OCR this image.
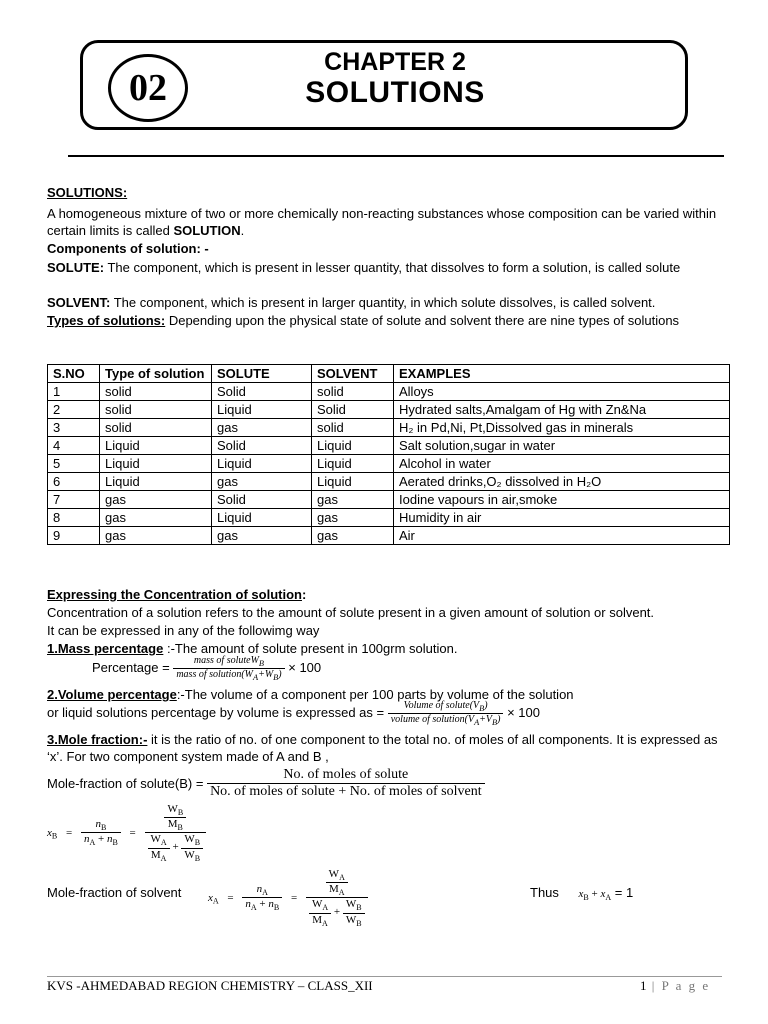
02
CHAPTER 2
SOLUTIONS
SOLUTIONS:
A homogeneous mixture of two or more chemically non-reacting substances whose composition can be varied within certain limits is called SOLUTION.
Components of solution: -
SOLUTE: The component, which is present in lesser quantity, that dissolves to form a solution, is called solute
SOLVENT: The component, which is present in larger quantity, in which solute dissolves, is called solvent.
Types of solutions: Depending upon the physical state of solute and solvent there are nine types of solutions
S.NO	Type of solution	SOLUTE	SOLVENT	EXAMPLES
1	solid	Solid	solid	Alloys
2	solid	Liquid	Solid	Hydrated salts,Amalgam of Hg with Zn&Na
3	solid	gas	solid	H₂ in Pd,Ni, Pt,Dissolved gas in minerals
4	Liquid	Solid	Liquid	Salt solution,sugar in water
5	Liquid	Liquid	Liquid	Alcohol in water
6	Liquid	gas	Liquid	Aerated drinks,O₂ dissolved in H₂O
7	gas	Solid	gas	Iodine vapours in air,smoke
8	gas	Liquid	gas	Humidity in air
9	gas	gas	gas	Air
Expressing the Concentration of solution:
Concentration of a solution refers to the amount of solute present in a given amount of solution or solvent.
It can be expressed in any of the followimg way
1.Mass percentage :-The amount of solute present in 100grm solution.
Percentage = $\frac{mass of soluteW_B}{mass of solution(W_A+W_B)} \times 100$
2.Volume percentage:-The volume of a component per 100 parts by volume of the solution
or liquid solutions percentage by volume is expressed as = $\frac{Volume of solute(V_B)}{volume of solution(V_A+V_B)} \times 100$
3.Mole fraction:- it is the ratio of no. of one component to the total no. of moles of all components. It is expressed as ‘x’. For two component system made of A and B ,
Mole-fraction of solute(B) = $\frac{\text{No. of moles of solute}}{\text{No. of moles of solute + No. of moles of solvent}}$
$x_B = \frac{n_B}{n_A + n_B} = \frac{\frac{W_B}{M_B}}{\frac{W_A}{M_A} + \frac{W_B}{W_B}}$
Mole-fraction of solvent $x_A = \frac{n_A}{n_A + n_B} = \frac{\frac{W_A}{M_A}}{\frac{W_A}{M_A} + \frac{W_B}{W_B}}$	Thus $x_B + x_A = 1$
KVS -AHMEDABAD REGION CHEMISTRY – CLASS_XII	1 | P a g e
